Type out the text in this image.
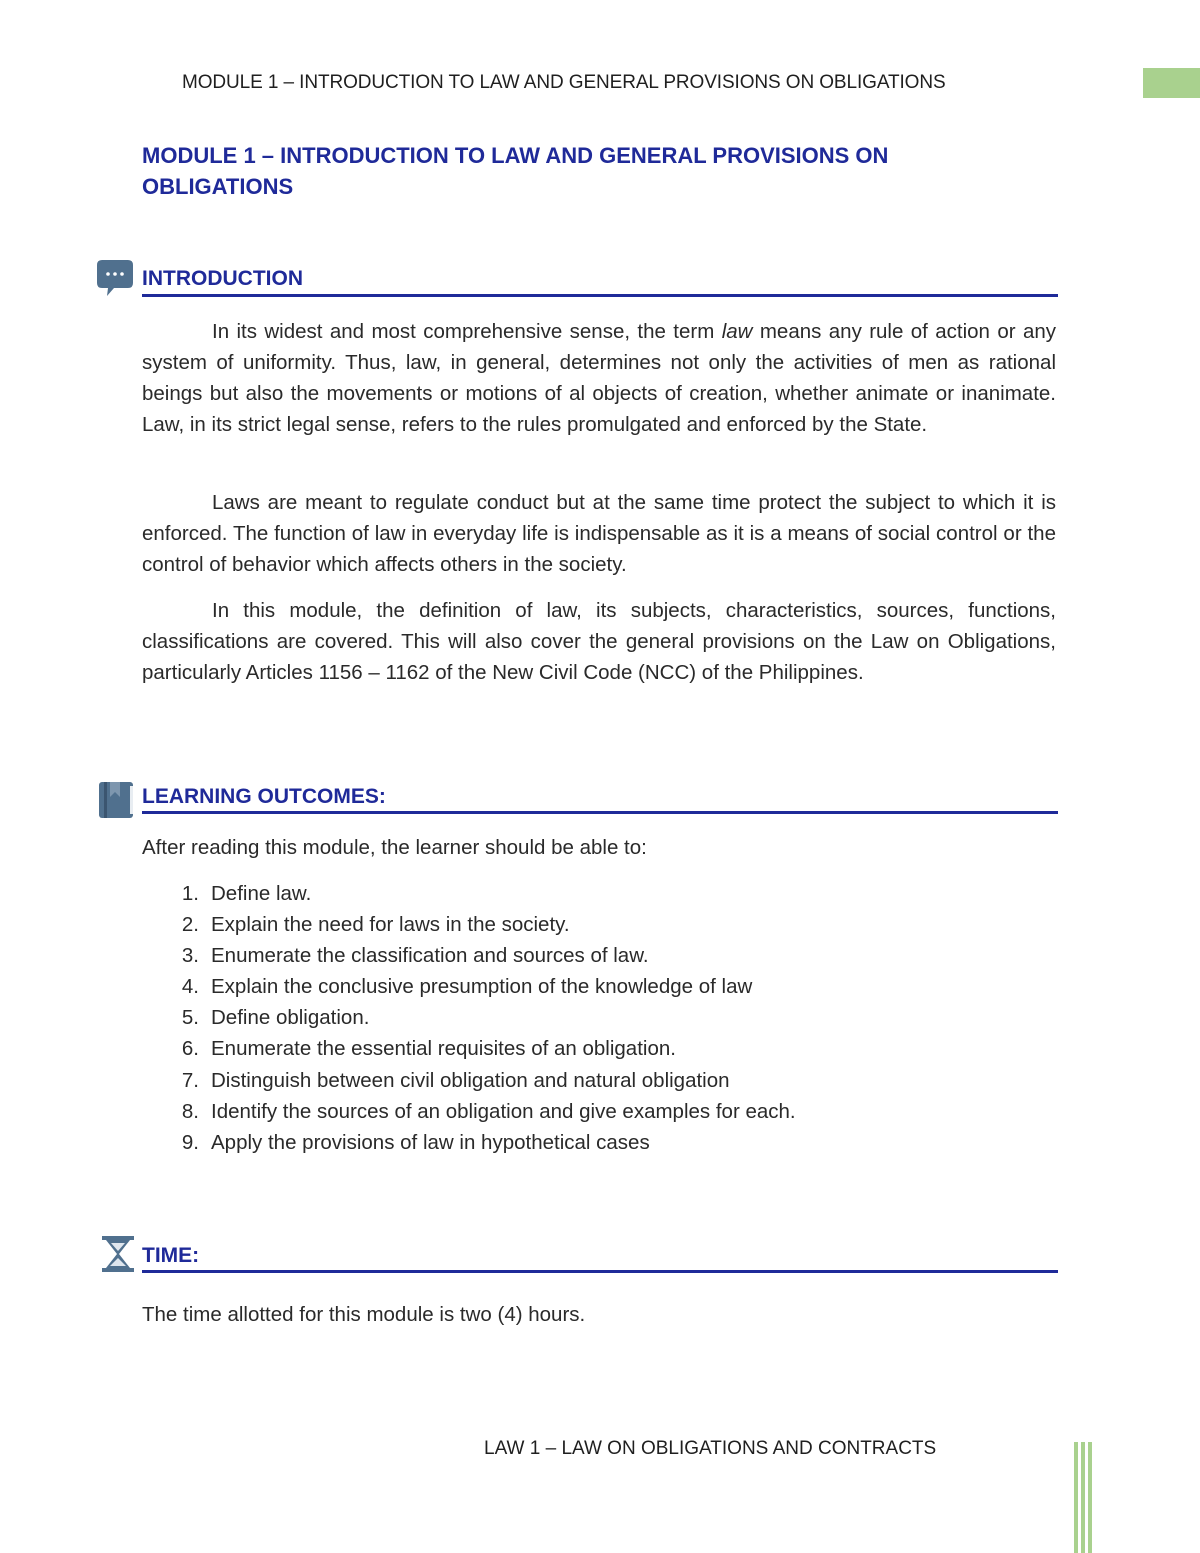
MODULE 1 – INTRODUCTION TO LAW AND GENERAL PROVISIONS ON OBLIGATIONS
MODULE 1 – INTRODUCTION TO LAW AND GENERAL PROVISIONS ON
OBLIGATIONS
INTRODUCTION
In its widest and most comprehensive sense, the term law means any rule of action or any system of uniformity. Thus, law, in general, determines not only the activities of men as rational beings but also the movements or motions of al objects of creation, whether animate or inanimate. Law, in its strict legal sense, refers to the rules promulgated and enforced by the State.
Laws are meant to regulate conduct but at the same time protect the subject to which it is enforced. The function of law in everyday life is indispensable as it is a means of social control or the control of behavior which affects others in the society.
In this module, the definition of law, its subjects, characteristics, sources, functions, classifications are covered. This will also cover the general provisions on the Law on Obligations, particularly Articles 1156 – 1162 of the New Civil Code (NCC) of the Philippines.
LEARNING OUTCOMES:
After reading this module, the learner should be able to:
1. Define law.
2. Explain the need for laws in the society.
3. Enumerate the classification and sources of law.
4. Explain the conclusive presumption of the knowledge of law
5. Define obligation.
6. Enumerate the essential requisites of an obligation.
7. Distinguish between civil obligation and natural obligation
8. Identify the sources of an obligation and give examples for each.
9. Apply the provisions of law in hypothetical cases
TIME:
The time allotted for this module is two (4) hours.
LAW 1 – LAW ON OBLIGATIONS AND CONTRACTS
